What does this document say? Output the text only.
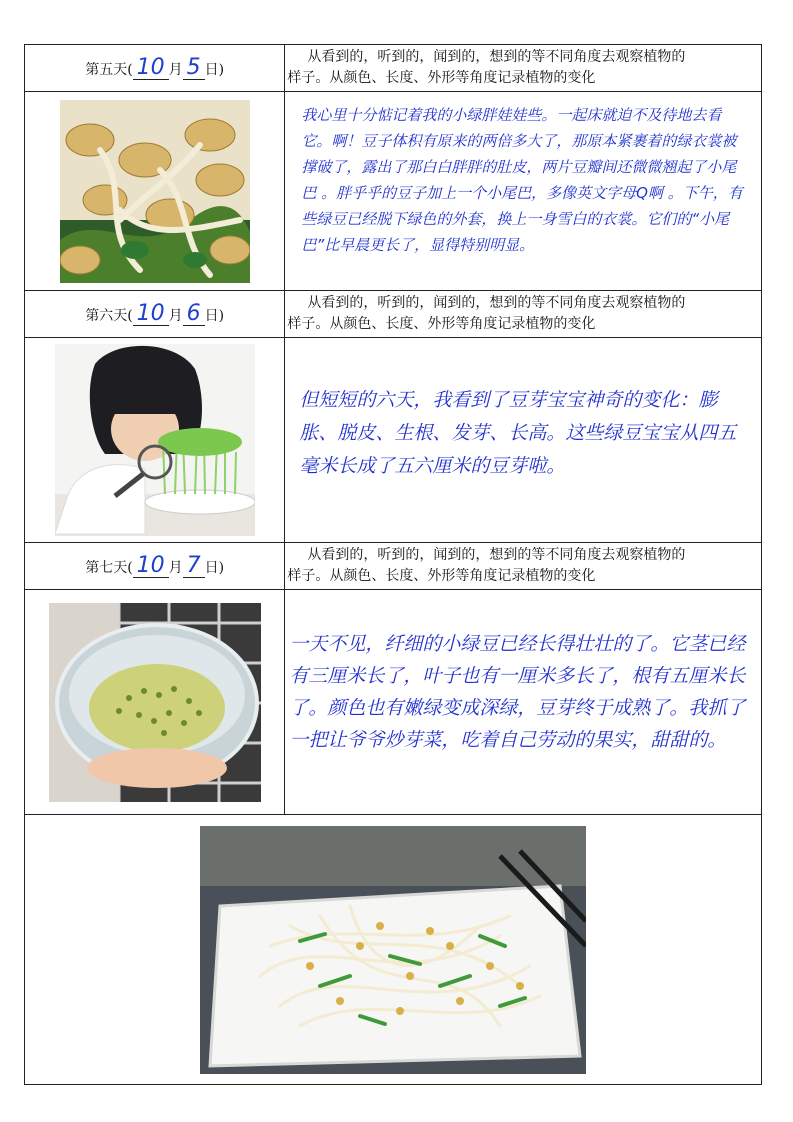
第五天( 10 月 5 日)	从看到的，听到的，闻到的，想到的等不同角度去观察植物的
样子。从颜色、长度、外形等角度记录植物的变化

我心里十分惦记着我的小绿胖娃娃些。一起床就迫不及待地去看它。啊！豆子体积有原来的两倍多大了，那原本紧裹着的绿衣裳被撑破了，露出了那白白胖胖的肚皮，两片豆瓣间还微微翘起了小尾巴 。胖乎乎的豆子加上一个小尾巴，多像英文字母Q啊 。下午，有些绿豆已经脱下绿色的外套，换上一身雪白的衣裳。它们的“小尾巴”比早晨更长了，显得特别明显。

第六天( 10 月 6 日)	从看到的，听到的，闻到的，想到的等不同角度去观察植物的
样子。从颜色、长度、外形等角度记录植物的变化

但短短的六天，我看到了豆芽宝宝神奇的变化：膨胀、脱皮、生根、发芽、长高。这些绿豆宝宝从四五毫米长成了五六厘米的豆芽啦。

第七天( 10 月 7 日)	从看到的，听到的，闻到的，想到的等不同角度去观察植物的
样子。从颜色、长度、外形等角度记录植物的变化

一天不见，纤细的小绿豆已经长得壮壮的了。它茎已经有三厘米长了，叶子也有一厘米多长了，根有五厘米长了。颜色也有嫩绿变成深绿，豆芽终于成熟了。我抓了一把让爷爷炒芽菜，吃着自己劳动的果实，甜甜的。
